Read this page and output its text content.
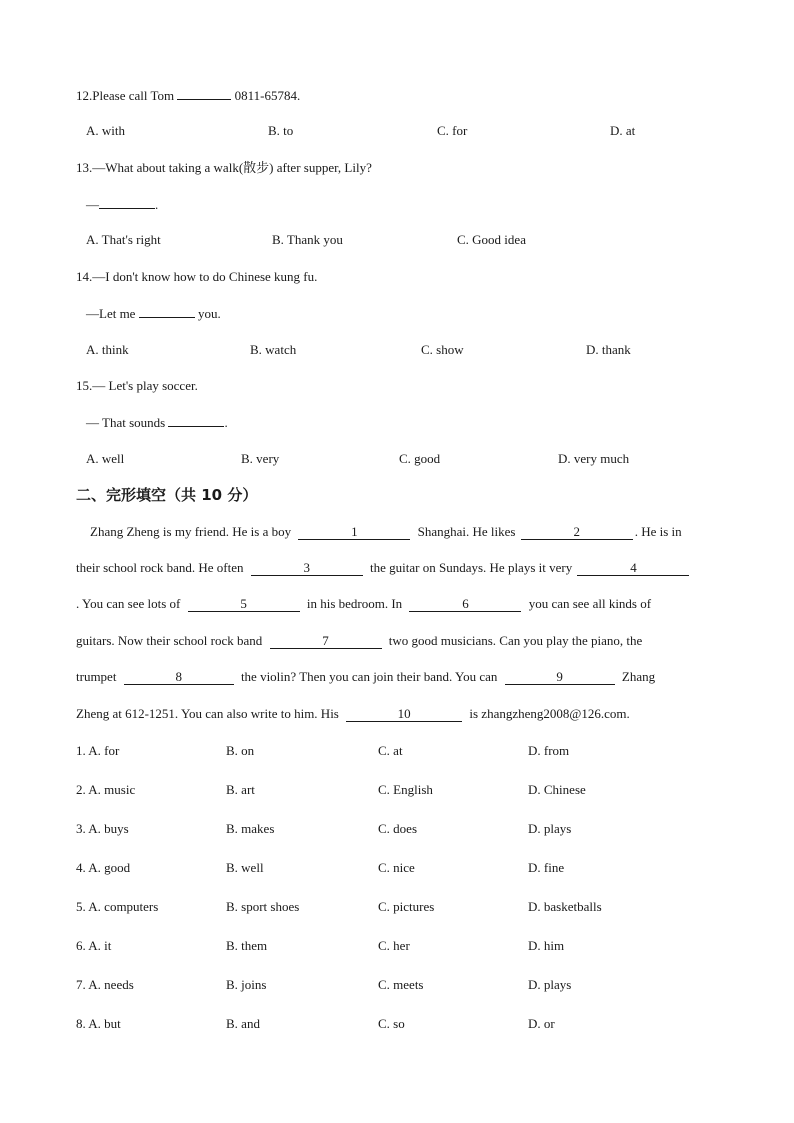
12.Please call Tom	0811-65784.
A. with	B. to	C. for	D. at
13.—What about taking a walk(散步) after supper, Lily?
—	.
A. That's right	B. Thank you	C. Good idea
14.—I don't know how to do Chinese kung fu.
—Let me	you.
A. think	B. watch	C. show	D. thank
15.— Let's play soccer.
— That sounds	.
A. well	B. very	C. good	D. very much
二、完形填空（共 10 分）
Zhang Zheng is my friend. He is a boy	1	Shanghai. He likes	2	. He is in
their school rock band. He often	3	the guitar on Sundays. He plays it very	4
. You can see lots of	5	in his bedroom. In	6	you can see all kinds of
guitars. Now their school rock band	7	two good musicians. Can you play the piano, the
trumpet	8	the violin? Then you can join their band. You can	9	Zhang
Zheng at 612-1251. You can also write to him. His	10	is zhangzheng2008@126.com.
1. A. for	B. on	C. at	D. from
2. A. music	B. art	C. English	D. Chinese
3. A. buys	B. makes	C. does	D. plays
4. A. good	B. well	C. nice	D. fine
5. A. computers	B. sport shoes	C. pictures	D. basketballs
6. A. it	B. them	C. her	D. him
7. A. needs	B. joins	C. meets	D. plays
8. A. but	B. and	C. so	D. or
